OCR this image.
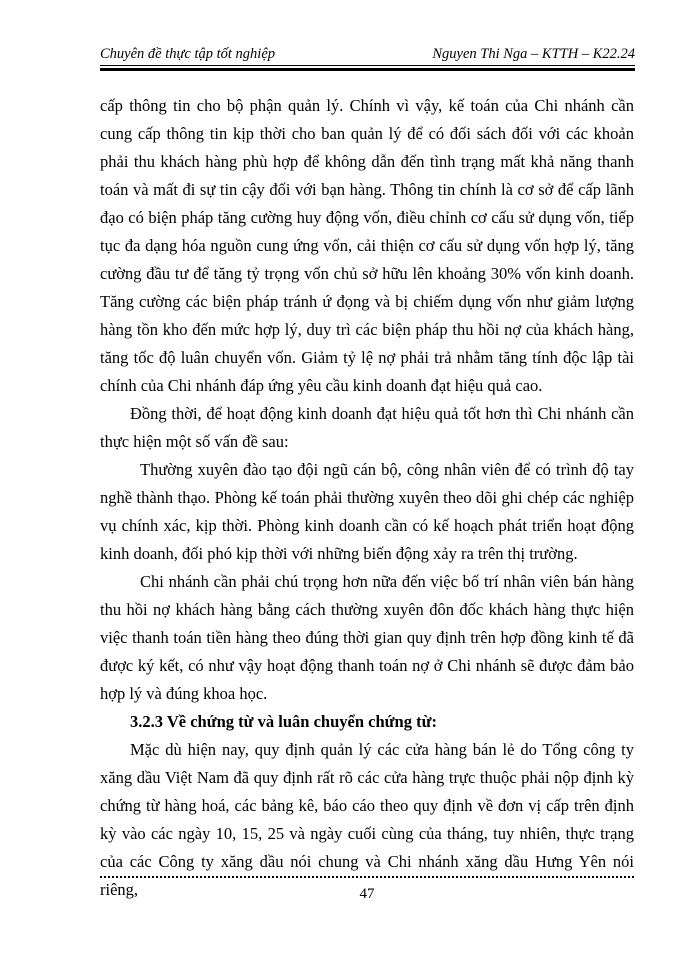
Chuyên đề thực tập tốt nghiệp	Nguyen Thi Nga – KTTH – K22.24

cấp thông tin cho bộ phận quản lý. Chính vì vậy, kế toán của Chi nhánh cần cung cấp thông tin kịp thời cho ban quản lý để có đối sách đối với các khoản phải thu khách hàng phù hợp để không dẫn đến tình trạng mất khả năng thanh toán và mất đi sự tin cậy đối với bạn hàng. Thông tin chính là cơ sở để cấp lãnh đạo có biện pháp tăng cường huy động vốn, điều chỉnh cơ cấu sử dụng vốn, tiếp tục đa dạng hóa nguồn cung ứng vốn, cải thiện cơ cấu sử dụng vốn hợp lý, tăng cường đầu tư để tăng tỷ trọng vốn chủ sở hữu lên khoảng 30% vốn kinh doanh. Tăng cường các biện pháp tránh ứ đọng và bị chiếm dụng vốn như giảm lượng hàng tồn kho đến mức hợp lý, duy trì các biện pháp thu hồi nợ của khách hàng, tăng tốc độ luân chuyển vốn. Giảm tỷ lệ nợ phải trả nhằm tăng tính độc lập tài chính của Chi nhánh đáp ứng yêu cầu kinh doanh đạt hiệu quả cao.

Đồng thời, để hoạt động kinh doanh đạt hiệu quả tốt hơn thì Chi nhánh cần thực hiện một số vấn đề sau:

Thường xuyên đào tạo đội ngũ cán bộ, công nhân viên để có trình độ tay nghề thành thạo. Phòng kế toán phải thường xuyên theo dõi ghi chép các nghiệp vụ chính xác, kịp thời. Phòng kinh doanh cần có kế hoạch phát triển hoạt động kinh doanh, đối phó kịp thời với những biến động xảy ra trên thị trường.

Chi nhánh cần phải chú trọng hơn nữa đến việc bố trí nhân viên bán hàng thu hồi nợ khách hàng bằng cách thường xuyên đôn đốc khách hàng thực hiện việc thanh toán tiền hàng theo đúng thời gian quy định trên hợp đồng kinh tế đã được ký kết, có như vậy hoạt động thanh toán nợ ở Chi nhánh sẽ được đảm bảo hợp lý và đúng khoa học.

3.2.3 Về chứng từ và luân chuyển chứng từ:

Mặc dù hiện nay, quy định quản lý các cửa hàng bán lẻ do Tổng công ty xăng dầu Việt Nam đã quy định rất rõ các cửa hàng trực thuộc phải nộp định kỳ chứng từ hàng hoá, các bảng kê, báo cáo theo quy định về đơn vị cấp trên định kỳ vào các ngày 10, 15, 25 và ngày cuối cùng của tháng, tuy nhiên, thực trạng của các Công ty xăng dầu nói chung và Chi nhánh xăng dầu Hưng Yên nói riêng,	47
